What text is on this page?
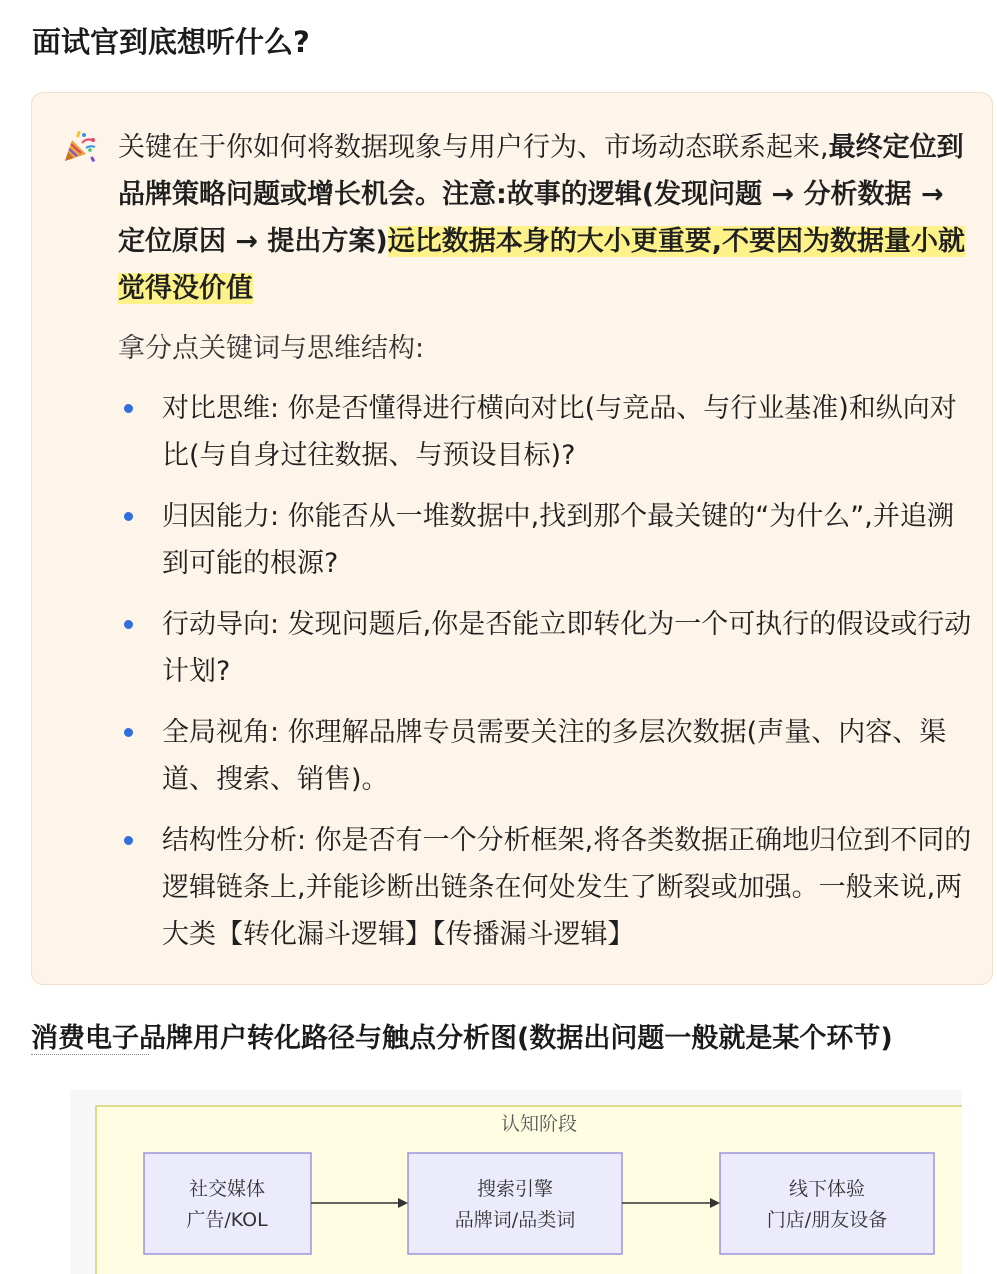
面试官到底想听什么?

关键在于你如何将数据现象与用户行为、市场动态联系起来,最终定位到品牌策略问题或增长机会。注意:故事的逻辑(发现问题 → 分析数据 → 定位原因 → 提出方案)远比数据本身的大小更重要,不要因为数据量小就觉得没价值

拿分点关键词与思维结构:

对比思维: 你是否懂得进行横向对比(与竞品、与行业基准)和纵向对比(与自身过往数据、与预设目标)?
归因能力: 你能否从一堆数据中,找到那个最关键的“为什么”,并追溯到可能的根源?
行动导向: 发现问题后,你是否能立即转化为一个可执行的假设或行动计划?
全局视角: 你理解品牌专员需要关注的多层次数据(声量、内容、渠道、搜索、销售)。
结构性分析: 你是否有一个分析框架,将各类数据正确地归位到不同的逻辑链条上,并能诊断出链条在何处发生了断裂或加强。一般来说,两大类【转化漏斗逻辑】【传播漏斗逻辑】
消费电子品牌用户转化路径与触点分析图(数据出问题一般就是某个环节)
认知阶段
社交媒体
广告/KOL
搜索引擎
品牌词/品类词
线下体验
门店/朋友设备
